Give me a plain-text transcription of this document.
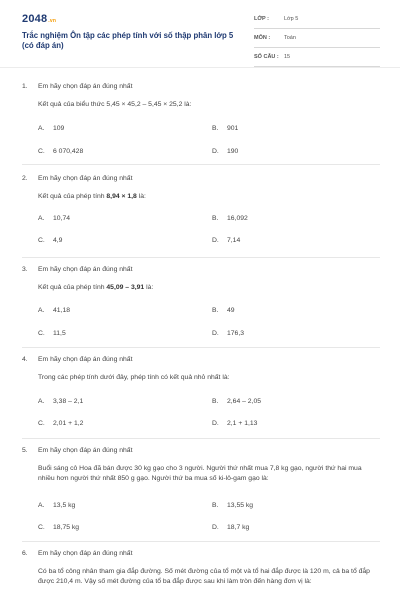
2048.vn
Trắc nghiệm Ôn tập các phép tính với số thập phân lớp 5 (có đáp án)
LỚP :	Lớp 5
MÔN :	Toán
SỐ CÂU : 15
1. Em hãy chọn đáp án đúng nhất
Kết quả của biểu thức 5,45 × 45,2 – 5,45 × 25,2 là:
A. 109	B. 901
C. 6 070,428	D. 190
2. Em hãy chọn đáp án đúng nhất
Kết quả của phép tính 8,94 × 1,8 là:
A. 10,74	B. 16,092
C. 4,9	D. 7,14
3. Em hãy chọn đáp án đúng nhất
Kết quả của phép tính 45,09 – 3,91 là:
A. 41,18	B. 49
C. 11,5	D. 176,3
4. Em hãy chọn đáp án đúng nhất
Trong các phép tính dưới đây, phép tính có kết quả nhỏ nhất là:
A. 3,38 – 2,1	B. 2,64 – 2,05
C. 2,01 + 1,2	D. 2,1 + 1,13
5. Em hãy chọn đáp án đúng nhất
Buổi sáng cô Hoa đã bán được 30 kg gạo cho 3 người. Người thứ nhất mua 7,8 kg gạo, người thứ hai mua nhiều hơn người thứ nhất 850 g gạo. Người thứ ba mua số ki-lô-gam gạo là:
A. 13,5 kg	B. 13,55 kg
C. 18,75 kg	D. 18,7 kg
6. Em hãy chọn đáp án đúng nhất
Có ba tổ công nhân tham gia đắp đường. Số mét đường của tổ một và tổ hai đắp được là 120 m, cả ba tổ đắp được 210,4 m. Vậy số mét đường của tổ ba đắp được sau khi làm tròn đến hàng đơn vị là:
